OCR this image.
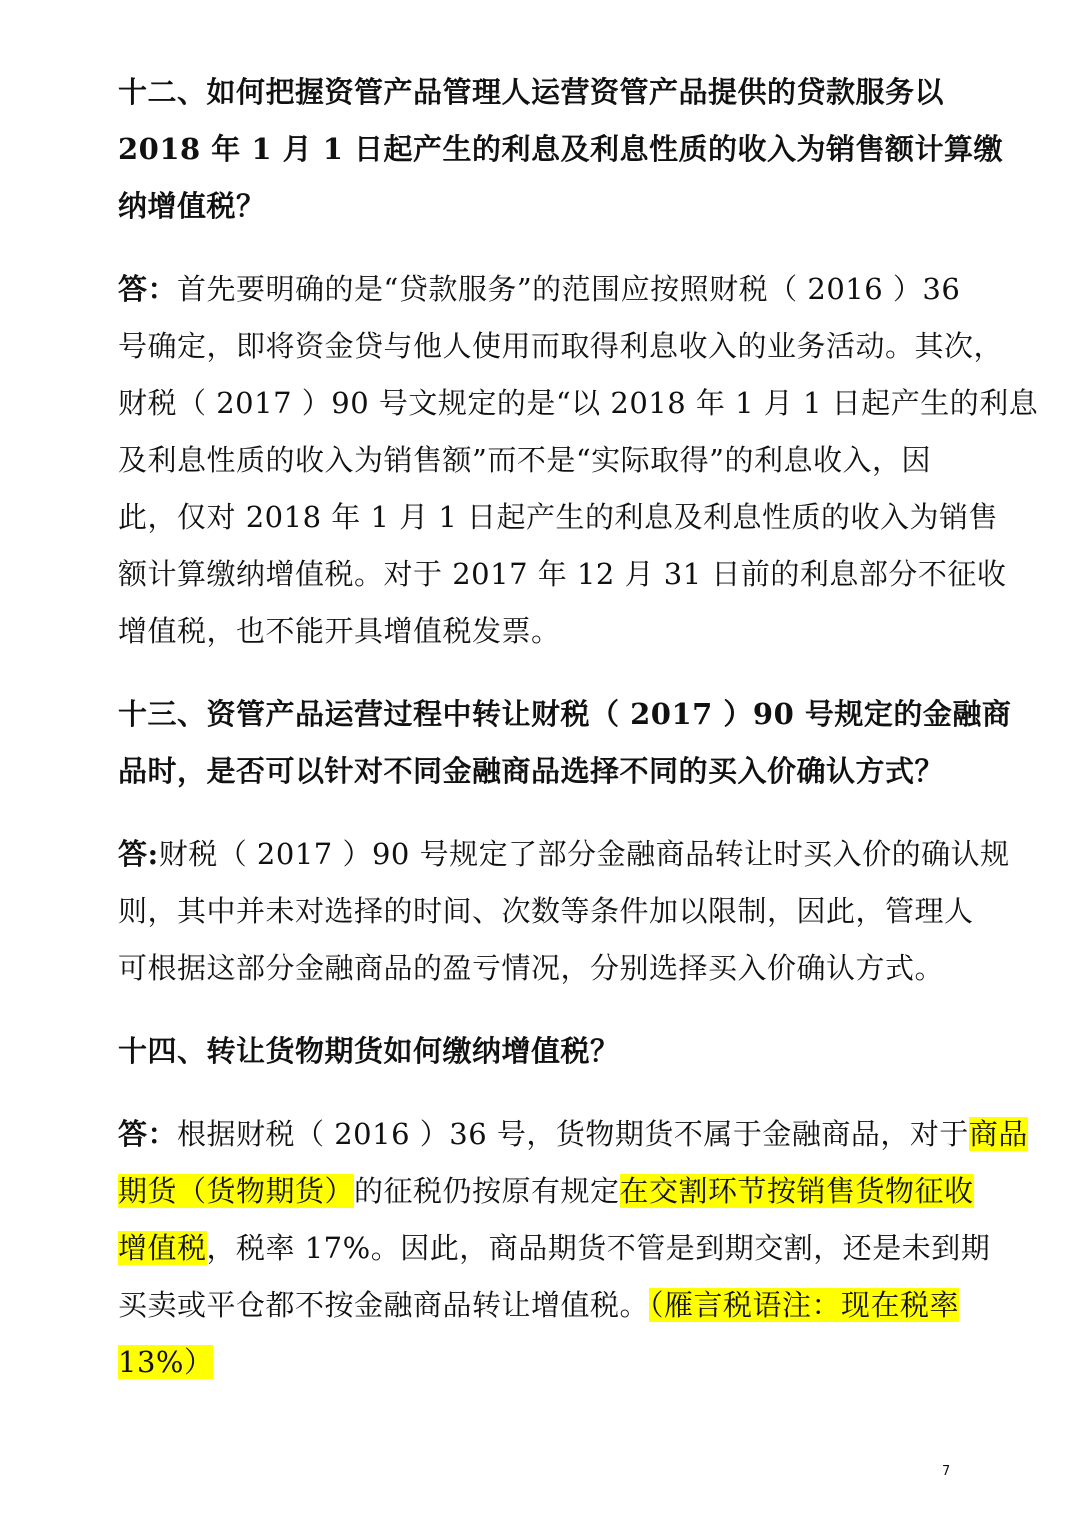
十二、如何把握资管产品管理人运营资管产品提供的贷款服务以
2018 年 1 月 1 日起产生的利息及利息性质的收入为销售额计算缴
纳增值税？
答：首先要明确的是“贷款服务”的范围应按照财税（ 2016 ）36
号确定，即将资金贷与他人使用而取得利息收入的业务活动。其次，
财税（ 2017 ）90 号文规定的是“以 2018 年 1 月 1 日起产生的利息
及利息性质的收入为销售额”而不是“实际取得”的利息收入，因
此，仅对 2018 年 1 月 1 日起产生的利息及利息性质的收入为销售
额计算缴纳增值税。对于 2017 年 12 月 31 日前的利息部分不征收
增值税，也不能开具增值税发票。
十三、资管产品运营过程中转让财税（ 2017 ）90 号规定的金融商
品时，是否可以针对不同金融商品选择不同的买入价确认方式？
答:财税（ 2017 ）90 号规定了部分金融商品转让时买入价的确认规
则，其中并未对选择的时间、次数等条件加以限制，因此，管理人
可根据这部分金融商品的盈亏情况，分别选择买入价确认方式。
十四、转让货物期货如何缴纳增值税？
答：根据财税（ 2016 ）36 号，货物期货不属于金融商品，对于商品
期货（货物期货）的征税仍按原有规定在交割环节按销售货物征收
增值税，税率 17%。因此，商品期货不管是到期交割，还是未到期
买卖或平仓都不按金融商品转让增值税。（雁言税语注：现在税率
13%）
7
